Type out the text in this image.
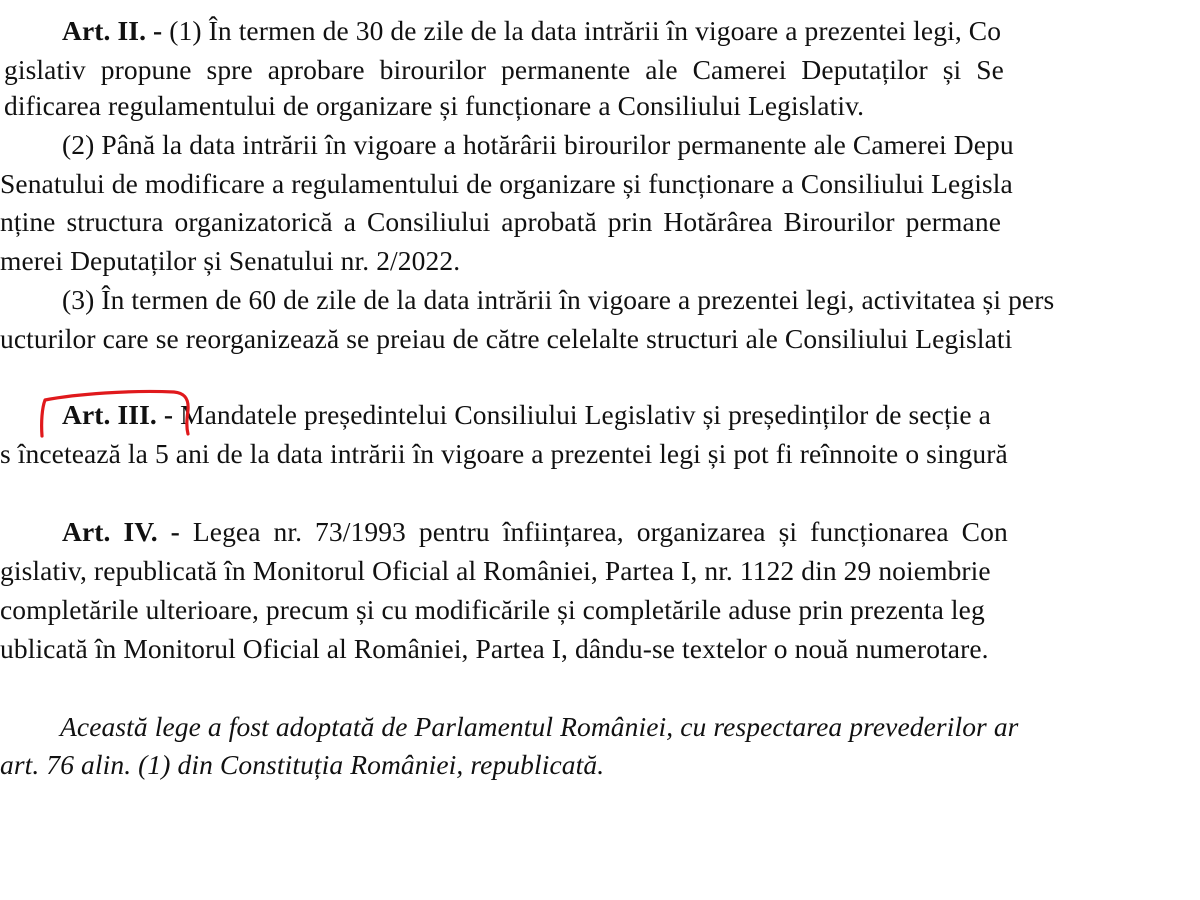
Art. II. - (1) În termen de 30 de zile de la data intrării în vigoare a prezentei legi, Co
gislativ propune spre aprobare birourilor permanente ale Camerei Deputaților și Se
dificarea regulamentului de organizare și funcționare a Consiliului Legislativ.
(2) Până la data intrării în vigoare a hotărârii birourilor permanente ale Camerei Depu
Senatului de modificare a regulamentului de organizare și funcționare a Consiliului Legisla
nține structura organizatorică a Consiliului aprobată prin Hotărârea Birourilor permane
merei Deputaților și Senatului nr. 2/2022.
(3) În termen de 60 de zile de la data intrării în vigoare a prezentei legi, activitatea și pers
ucturilor care se reorganizează se preiau de către celelalte structuri ale Consiliului Legislati
Art. III. - Mandatele președintelui Consiliului Legislativ și președinților de secție a
s încetează la 5 ani de la data intrării în vigoare a prezentei legi și pot fi reînnoite o singură
Art. IV. - Legea nr. 73/1993 pentru înființarea, organizarea și funcționarea Con
gislativ, republicată în Monitorul Oficial al României, Partea I, nr. 1122 din 29 noiembrie
completările ulterioare, precum și cu modificările și completările aduse prin prezenta leg
ublicată în Monitorul Oficial al României, Partea I, dându-se textelor o nouă numerotare.
Această lege a fost adoptată de Parlamentul României, cu respectarea prevederilor ar
art. 76 alin. (1) din Constituția României, republicată.
